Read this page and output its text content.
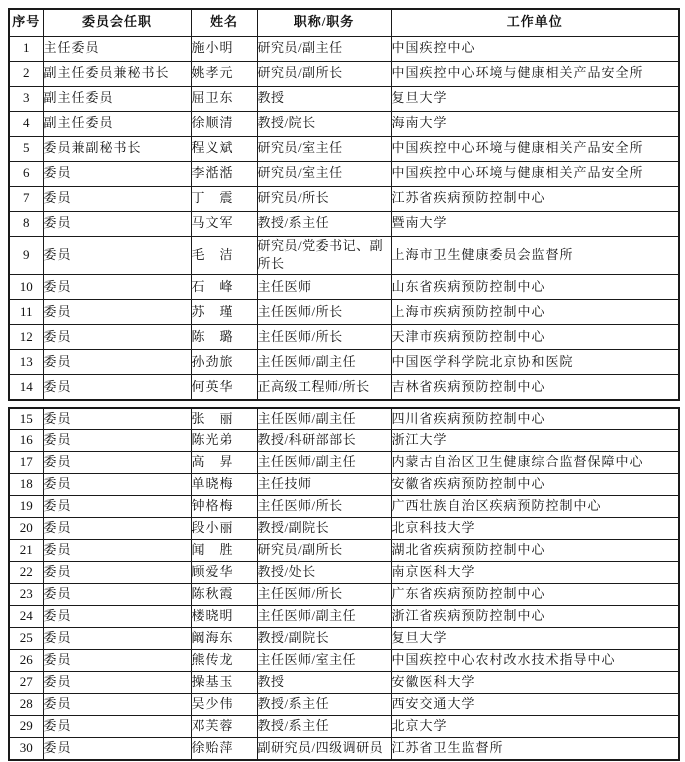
序号	委员会任职	姓名	职称/职务	工作单位
1	主任委员	施小明	研究员/副主任	中国疾控中心
2	副主任委员兼秘书长	姚孝元	研究员/副所长	中国疾控中心环境与健康相关产品安全所
3	副主任委员	屈卫东	教授	复旦大学
4	副主任委员	徐顺清	教授/院长	海南大学
5	委员兼副秘书长	程义斌	研究员/室主任	中国疾控中心环境与健康相关产品安全所
6	委员	李湉湉	研究员/室主任	中国疾控中心环境与健康相关产品安全所
7	委员	丁　震	研究员/所长	江苏省疾病预防控制中心
8	委员	马文军	教授/系主任	暨南大学
9	委员	毛　洁	研究员/党委书记、副所长	上海市卫生健康委员会监督所
10	委员	石　峰	主任医师	山东省疾病预防控制中心
11	委员	苏　瑾	主任医师/所长	上海市疾病预防控制中心
12	委员	陈　璐	主任医师/所长	天津市疾病预防控制中心
13	委员	孙劲旅	主任医师/副主任	中国医学科学院北京协和医院
14	委员	何英华	正高级工程师/所长	吉林省疾病预防控制中心
15	委员	张　丽	主任医师/副主任	四川省疾病预防控制中心
16	委员	陈光弟	教授/科研部部长	浙江大学
17	委员	高　昇	主任医师/副主任	内蒙古自治区卫生健康综合监督保障中心
18	委员	单晓梅	主任技师	安徽省疾病预防控制中心
19	委员	钟格梅	主任医师/所长	广西壮族自治区疾病预防控制中心
20	委员	段小丽	教授/副院长	北京科技大学
21	委员	闻　胜	研究员/副所长	湖北省疾病预防控制中心
22	委员	顾爱华	教授/处长	南京医科大学
23	委员	陈秋霞	主任医师/所长	广东省疾病预防控制中心
24	委员	楼晓明	主任医师/副主任	浙江省疾病预防控制中心
25	委员	阚海东	教授/副院长	复旦大学
26	委员	熊传龙	主任医师/室主任	中国疾控中心农村改水技术指导中心
27	委员	操基玉	教授	安徽医科大学
28	委员	吴少伟	教授/系主任	西安交通大学
29	委员	邓芙蓉	教授/系主任	北京大学
30	委员	徐贻萍	副研究员/四级调研员	江苏省卫生监督所
